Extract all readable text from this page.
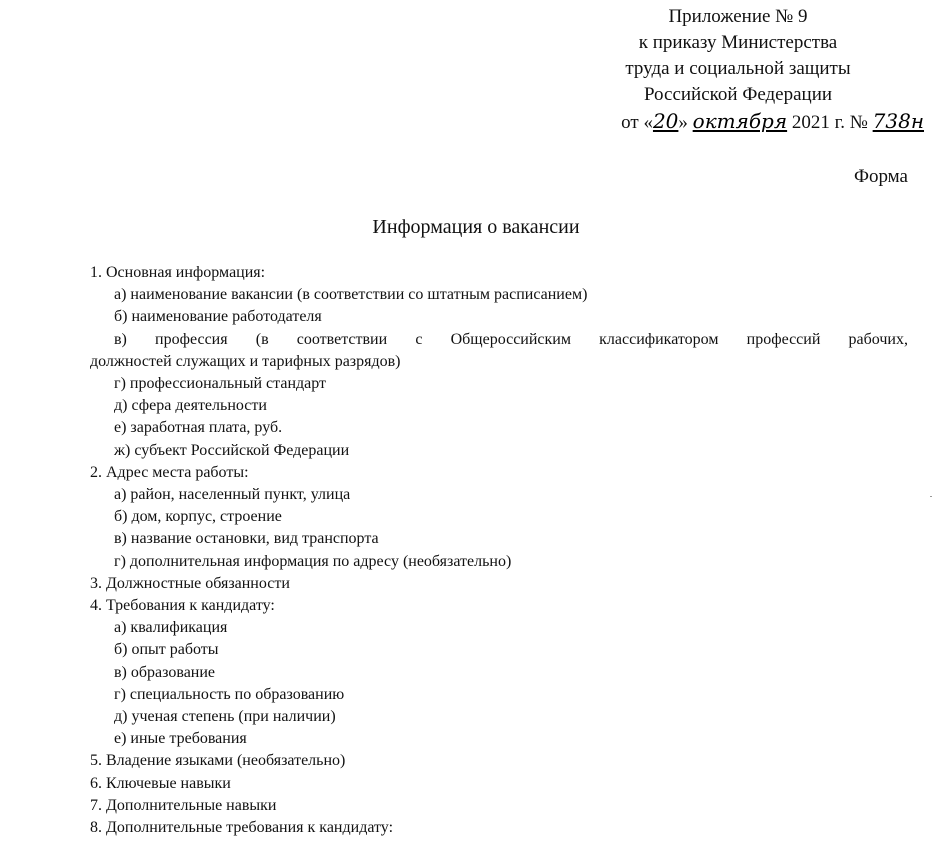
Приложение № 9
к приказу Министерства
труда и социальной защиты
Российской Федерации
от «20» октября 2021 г. № 738н
Форма
Информация о вакансии
1. Основная информация:
а) наименование вакансии (в соответствии со штатным расписанием)
б) наименование работодателя
в) профессия (в соответствии с Общероссийским классификатором профессий рабочих,
должностей служащих и тарифных разрядов)
г) профессиональный стандарт
д) сфера деятельности
е) заработная плата, руб.
ж) субъект Российской Федерации
2. Адрес места работы:
а) район, населенный пункт, улица
б) дом, корпус, строение
в) название остановки, вид транспорта
г) дополнительная информация по адресу (необязательно)
3. Должностные обязанности
4. Требования к кандидату:
а) квалификация
б) опыт работы
в) образование
г) специальность по образованию
д) ученая степень (при наличии)
е) иные требования
5. Владение языками (необязательно)
6. Ключевые навыки
7. Дополнительные навыки
8. Дополнительные требования к кандидату:
